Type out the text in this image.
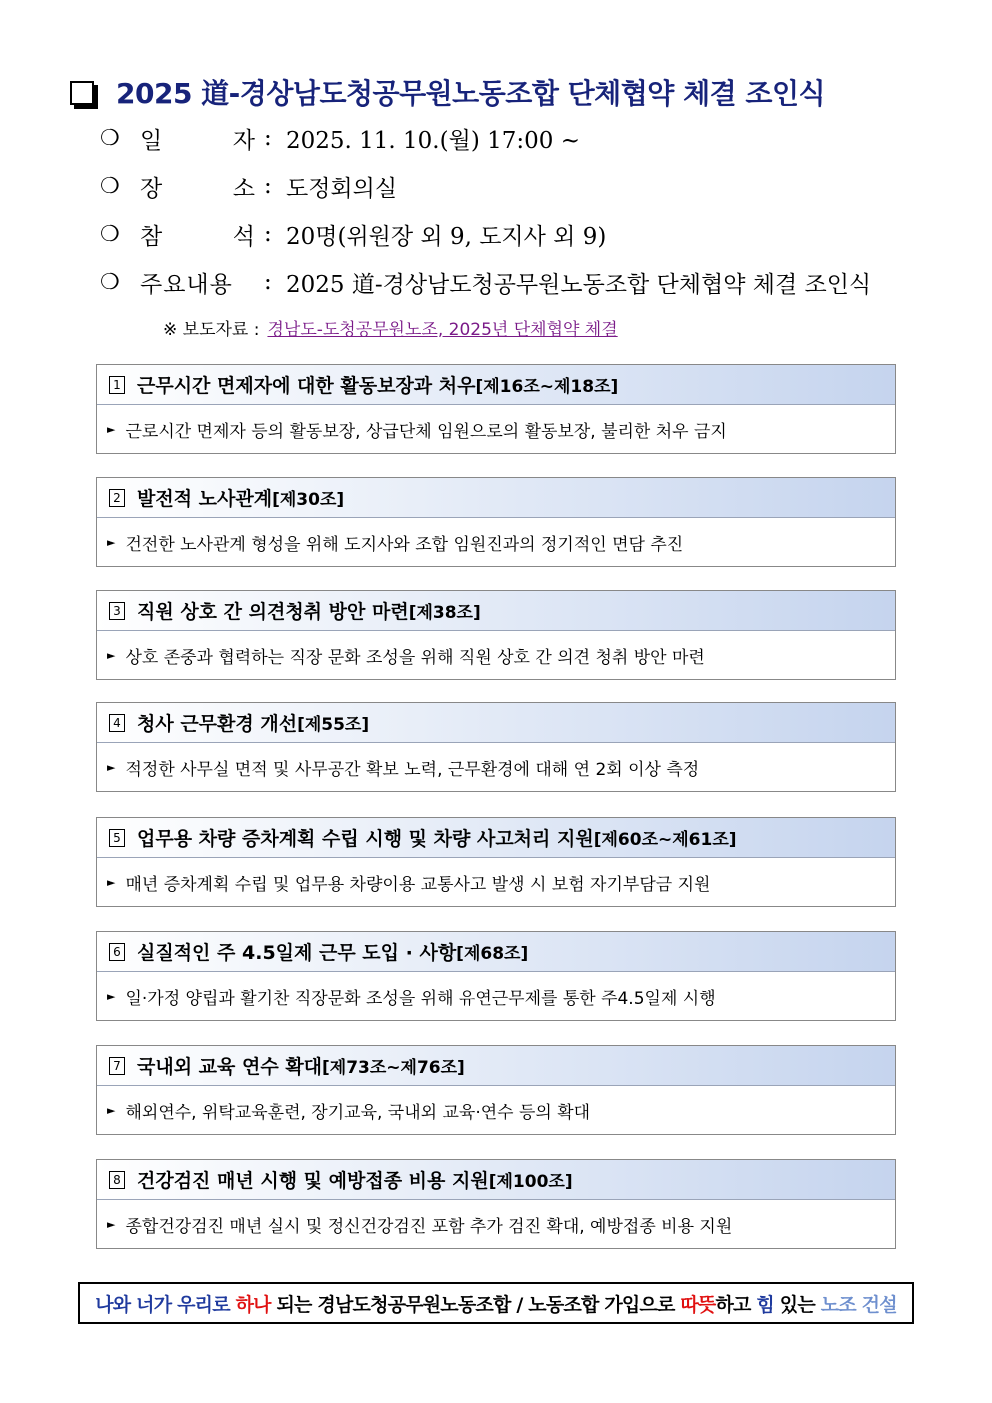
2025 道-경상남도청공무원노동조합 단체협약 체결 조인식
❍ 일	자 : 2025. 11. 10.(월) 17:00 ~
❍ 장	소 : 도정회의실
❍ 참	석 : 20명(위원장 외 9, 도지사 외 9)
❍ 주요내용	: 2025 道-경상남도청공무원노동조합 단체협약 체결 조인식
※ 보도자료 : 경남도-도청공무원노조, 2025년 단체협약 체결
1 근무시간 면제자에 대한 활동보장과 처우 [제16조~제18조]
► 근로시간 면제자 등의 활동보장, 상급단체 임원으로의 활동보장, 불리한 처우 금지
2 발전적 노사관계 [제30조]
► 건전한 노사관계 형성을 위해 도지사와 조합 임원진과의 정기적인 면담 추진
3 직원 상호 간 의견청취 방안 마련 [제38조]
► 상호 존중과 협력하는 직장 문화 조성을 위해 직원 상호 간 의견 청취 방안 마련
4 청사 근무환경 개선 [제55조]
► 적정한 사무실 면적 및 사무공간 확보 노력, 근무환경에 대해 연 2회 이상 측정
5 업무용 차량 증차계획 수립 시행 및 차량 사고처리 지원 [제60조~제61조]
► 매년 증차계획 수립 및 업무용 차량이용 교통사고 발생 시 보험 자기부담금 지원
6 실질적인 주 4.5일제 근무 도입 · 사항 [제68조]
► 일·가정 양립과 활기찬 직장문화 조성을 위해 유연근무제를 통한 주4.5일제 시행
7 국내외 교육 연수 확대 [제73조~제76조]
► 해외연수, 위탁교육훈련, 장기교육, 국내외 교육·연수 등의 확대
8 건강검진 매년 시행 및 예방접종 비용 지원 [제100조]
► 종합건강검진 매년 실시 및 정신건강검진 포함 추가 검진 확대, 예방접종 비용 지원
나와 너가 우리로 하나 되는 경남도청공무원노동조합 / 노동조합 가입으로 따뜻 하고 힘 있는 노조 건설
